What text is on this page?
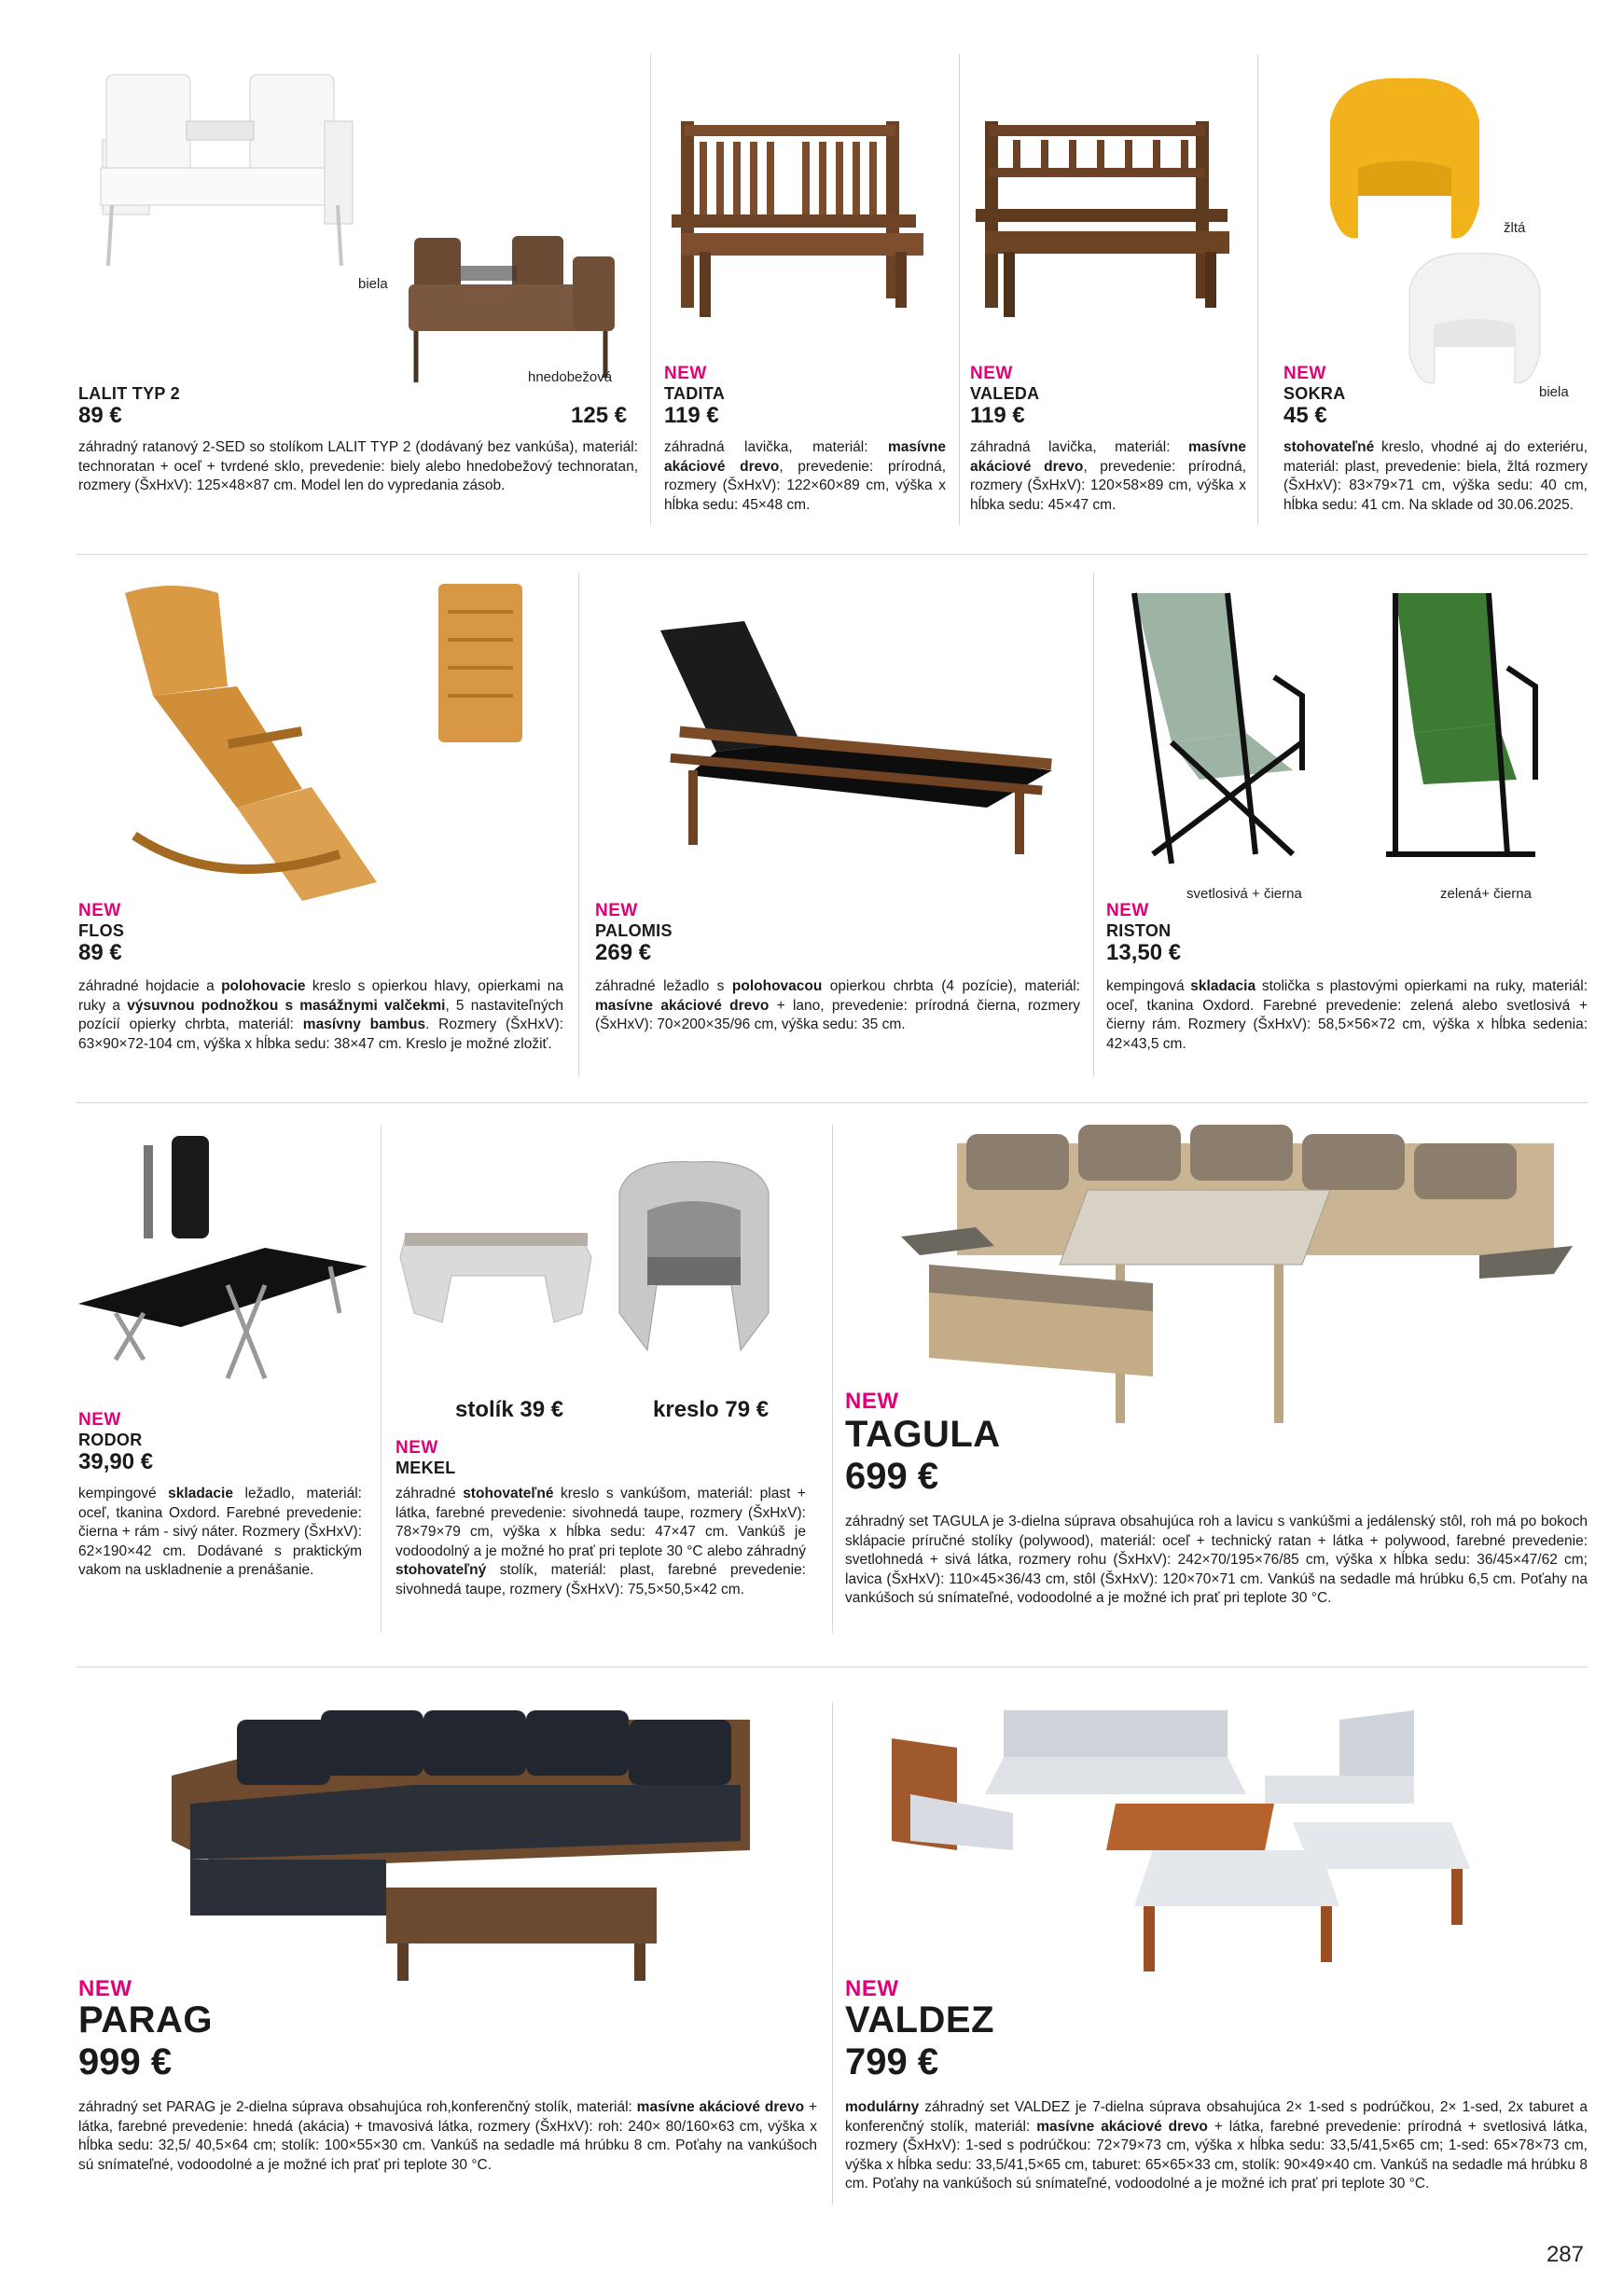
biela
hnedobežová
LALIT TYP 2
89 €	125 €
záhradný ratanový 2-SED so stolíkom LALIT TYP 2 (dodávaný bez vankúša), materiál: technoratan + oceľ + tvrdené sklo, prevedenie: biely alebo hnedobežový technoratan, rozmery (ŠxHxV): 125×48×87 cm. Model len do vypredania zásob.
NEW
TADITA
119 €
záhradná lavička, materiál: masívne akáciové drevo, prevedenie: prírodná, rozmery (ŠxHxV): 122×60×89 cm, výška x hĺbka sedu: 45×48 cm.
NEW
VALEDA
119 €
záhradná lavička, materiál: masívne akáciové drevo, prevedenie: prírodná, rozmery (ŠxHxV): 120×58×89 cm, výška x hĺbka sedu: 45×47 cm.
žltá
biela
NEW
SOKRA
45 €
stohovateľné kreslo, vhodné aj do exteriéru, materiál: plast, prevedenie: biela, žltá rozmery (ŠxHxV): 83×79×71 cm, výška sedu: 40 cm, hĺbka sedu: 41 cm. Na sklade od 30.06.2025.
NEW
FLOS
89 €
záhradné hojdacie a polohovacie kreslo s opierkou hlavy, opierkami na ruky a výsuvnou podnožkou s masážnymi valčekmi, 5 nastaviteľných pozícií opierky chrbta, materiál: masívny bambus. Rozmery (ŠxHxV): 63×90×72-104 cm, výška x hĺbka sedu: 38×47 cm. Kreslo je možné zložiť.
NEW
PALOMIS
269 €
záhradné ležadlo s polohovacou opierkou chrbta (4 pozície), materiál: masívne akáciové drevo + lano, prevedenie: prírodná čierna, rozmery (ŠxHxV): 70×200×35/96 cm, výška sedu: 35 cm.
svetlosivá + čierna	zelená+ čierna
NEW
RISTON
13,50 €
kempingová skladacia stolička s plastovými opierkami na ruky, materiál: oceľ, tkanina Oxdord. Farebné prevedenie: zelená alebo svetlosivá + čierny rám. Rozmery (ŠxHxV): 58,5×56×72 cm, výška x hĺbka sedenia: 42×43,5 cm.
NEW
RODOR
39,90 €
kempingové skladacie ležadlo, materiál: oceľ, tkanina Oxdord. Farebné prevedenie: čierna + rám - sivý náter. Rozmery (ŠxHxV): 62×190×42 cm. Dodávané s praktickým vakom na uskladnenie a prenášanie.
stolík 39 €	kreslo 79 €
NEW
MEKEL
záhradné stohovateľné kreslo s vankúšom, materiál: plast + látka, farebné prevedenie: sivohnedá taupe, rozmery (ŠxHxV): 78×79×79 cm, výška x hĺbka sedu: 47×47 cm. Vankúš je vodoodolný a je možné ho prať pri teplote 30 °C alebo záhradný stohovateľný stolík, materiál: plast, farebné prevedenie: sivohnedá taupe, rozmery (ŠxHxV): 75,5×50,5×42 cm.
NEW
TAGULA
699 €
záhradný set TAGULA je 3-dielna súprava obsahujúca roh a lavicu s vankúšmi a jedálenský stôl, roh má po bokoch sklápacie príručné stolíky (polywood), materiál: oceľ + technický ratan + látka + polywood, farebné prevedenie: svetlohnedá + sivá látka, rozmery rohu (ŠxHxV): 242×70/195×76/85 cm, výška x hĺbka sedu: 36/45×47/62 cm; lavica (ŠxHxV): 110×45×36/43 cm, stôl (ŠxHxV): 120×70×71 cm. Vankúš na sedadle má hrúbku 6,5 cm. Poťahy na vankúšoch sú snímateľné, vodoodolné a je možné ich prať pri teplote 30 °C.
NEW
PARAG
999 €
záhradný set PARAG je 2-dielna súprava obsahujúca roh,konferenčný stolík, materiál: masívne akáciové drevo + látka, farebné prevedenie: hnedá (akácia) + tmavosivá látka, rozmery (ŠxHxV): roh: 240× 80/160×63 cm, výška x hĺbka sedu: 32,5/ 40,5×64 cm; stolík: 100×55×30 cm. Vankúš na sedadle má hrúbku 8 cm. Poťahy na vankúšoch sú snímateľné, vodoodolné a je možné ich prať pri teplote 30 °C.
NEW
VALDEZ
799 €
modulárny záhradný set VALDEZ je 7-dielna súprava obsahujúca 2× 1-sed s podrúčkou, 2× 1-sed, 2x taburet a konferenčný stolík, materiál: masívne akáciové drevo + látka, farebné prevedenie: prírodná + svetlosivá látka, rozmery (ŠxHxV): 1-sed s podrúčkou: 72×79×73 cm, výška x hĺbka sedu: 33,5/41,5×65 cm; 1-sed: 65×78×73 cm, výška x hĺbka sedu: 33,5/41,5×65 cm, taburet: 65×65×33 cm, stolík: 90×49×40 cm. Vankúš na sedadle má hrúbku 8 cm. Poťahy na vankúšoch sú snímateľné, vodoodolné a je možné ich prať pri teplote 30 °C.
287
